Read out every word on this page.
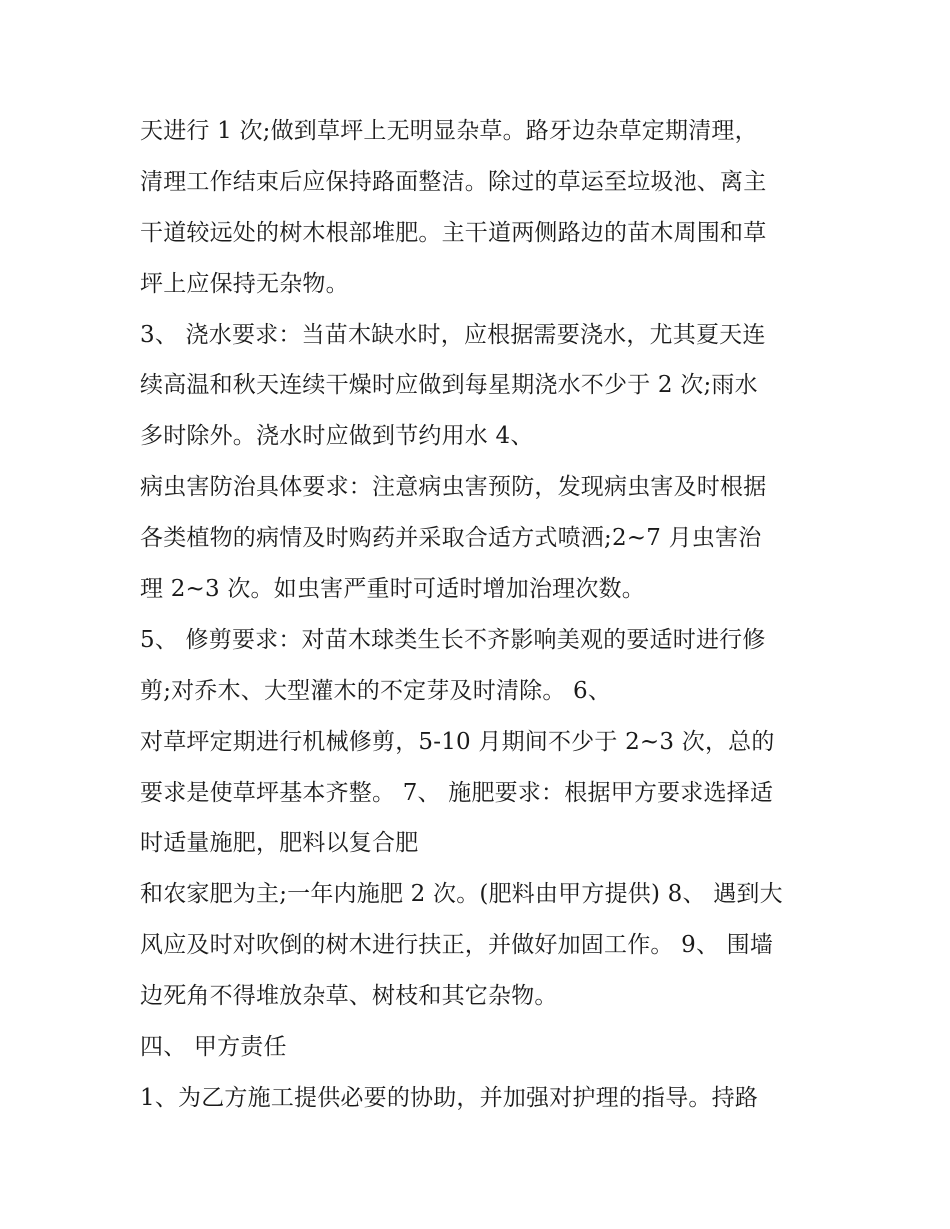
天进行 1 次;做到草坪上无明显杂草。路牙边杂草定期清理，
清理工作结束后应保持路面整洁。除过的草运至垃圾池、离主
干道较远处的树木根部堆肥。主干道两侧路边的苗木周围和草
坪上应保持无杂物。
3、 浇水要求：当苗木缺水时，应根据需要浇水，尤其夏天连
续高温和秋天连续干燥时应做到每星期浇水不少于 2 次;雨水
多时除外。浇水时应做到节约用水 4、
病虫害防治具体要求：注意病虫害预防，发现病虫害及时根据
各类植物的病情及时购药并采取合适方式喷洒;2~7 月虫害治
理 2~3 次。如虫害严重时可适时增加治理次数。
5、 修剪要求：对苗木球类生长不齐影响美观的要适时进行修
剪;对乔木、大型灌木的不定芽及时清除。 6、
对草坪定期进行机械修剪，5-10 月期间不少于 2~3 次，总的
要求是使草坪基本齐整。 7、 施肥要求：根据甲方要求选择适
时适量施肥，肥料以复合肥
和农家肥为主;一年内施肥 2 次。(肥料由甲方提供) 8、 遇到大
风应及时对吹倒的树木进行扶正，并做好加固工作。 9、 围墙
边死角不得堆放杂草、树枝和其它杂物。
四、 甲方责任
1、为乙方施工提供必要的协助，并加强对护理的指导。持路
